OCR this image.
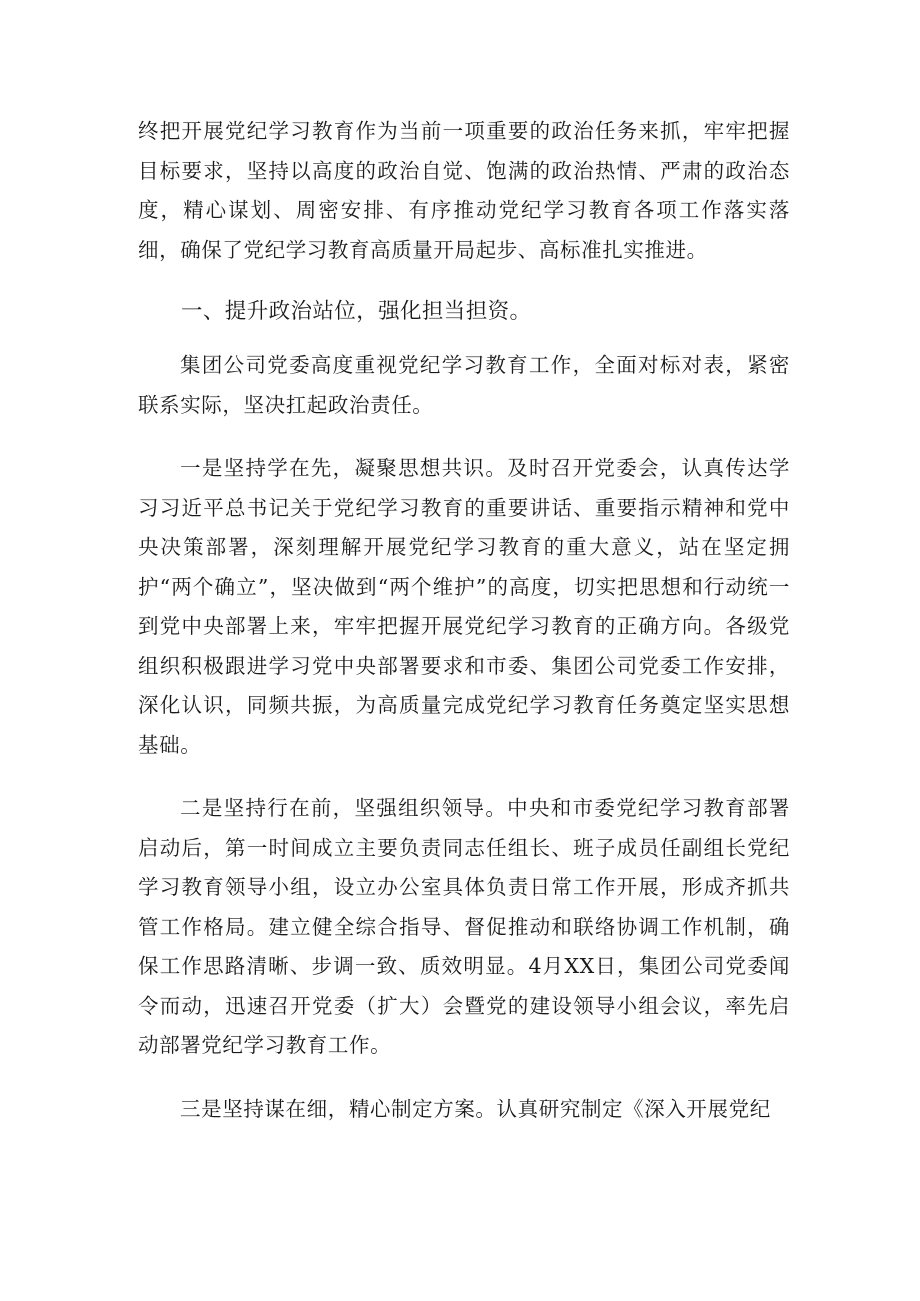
终把开展党纪学习教育作为当前一项重要的政治任务来抓，牢牢把握目标要求，坚持以高度的政治自觉、饱满的政治热情、严肃的政治态度，精心谋划、周密安排、有序推动党纪学习教育各项工作落实落细，确保了党纪学习教育高质量开局起步、高标准扎实推进。

一、提升政治站位，强化担当担资。

集团公司党委高度重视党纪学习教育工作，全面对标对表，紧密联系实际，坚决扛起政治责任。

一是坚持学在先，凝聚思想共识。及时召开党委会，认真传达学习习近平总书记关于党纪学习教育的重要讲话、重要指示精神和党中央决策部署，深刻理解开展党纪学习教育的重大意义，站在坚定拥护“两个确立”，坚决做到“两个维护”的高度，切实把思想和行动统一到党中央部署上来，牢牢把握开展党纪学习教育的正确方向。各级党组织积极跟进学习党中央部署要求和市委、集团公司党委工作安排，深化认识，同频共振，为高质量完成党纪学习教育任务奠定坚实思想基础。

二是坚持行在前，坚强组织领导。中央和市委党纪学习教育部署启动后，第一时间成立主要负责同志任组长、班子成员任副组长党纪学习教育领导小组，设立办公室具体负责日常工作开展，形成齐抓共管工作格局。建立健全综合指导、督促推动和联络协调工作机制，确保工作思路清晰、步调一致、质效明显。4月XX日，集团公司党委闻令而动，迅速召开党委（扩大）会暨党的建设领导小组会议，率先启动部署党纪学习教育工作。

三是坚持谋在细，精心制定方案。认真研究制定《深入开展党纪
